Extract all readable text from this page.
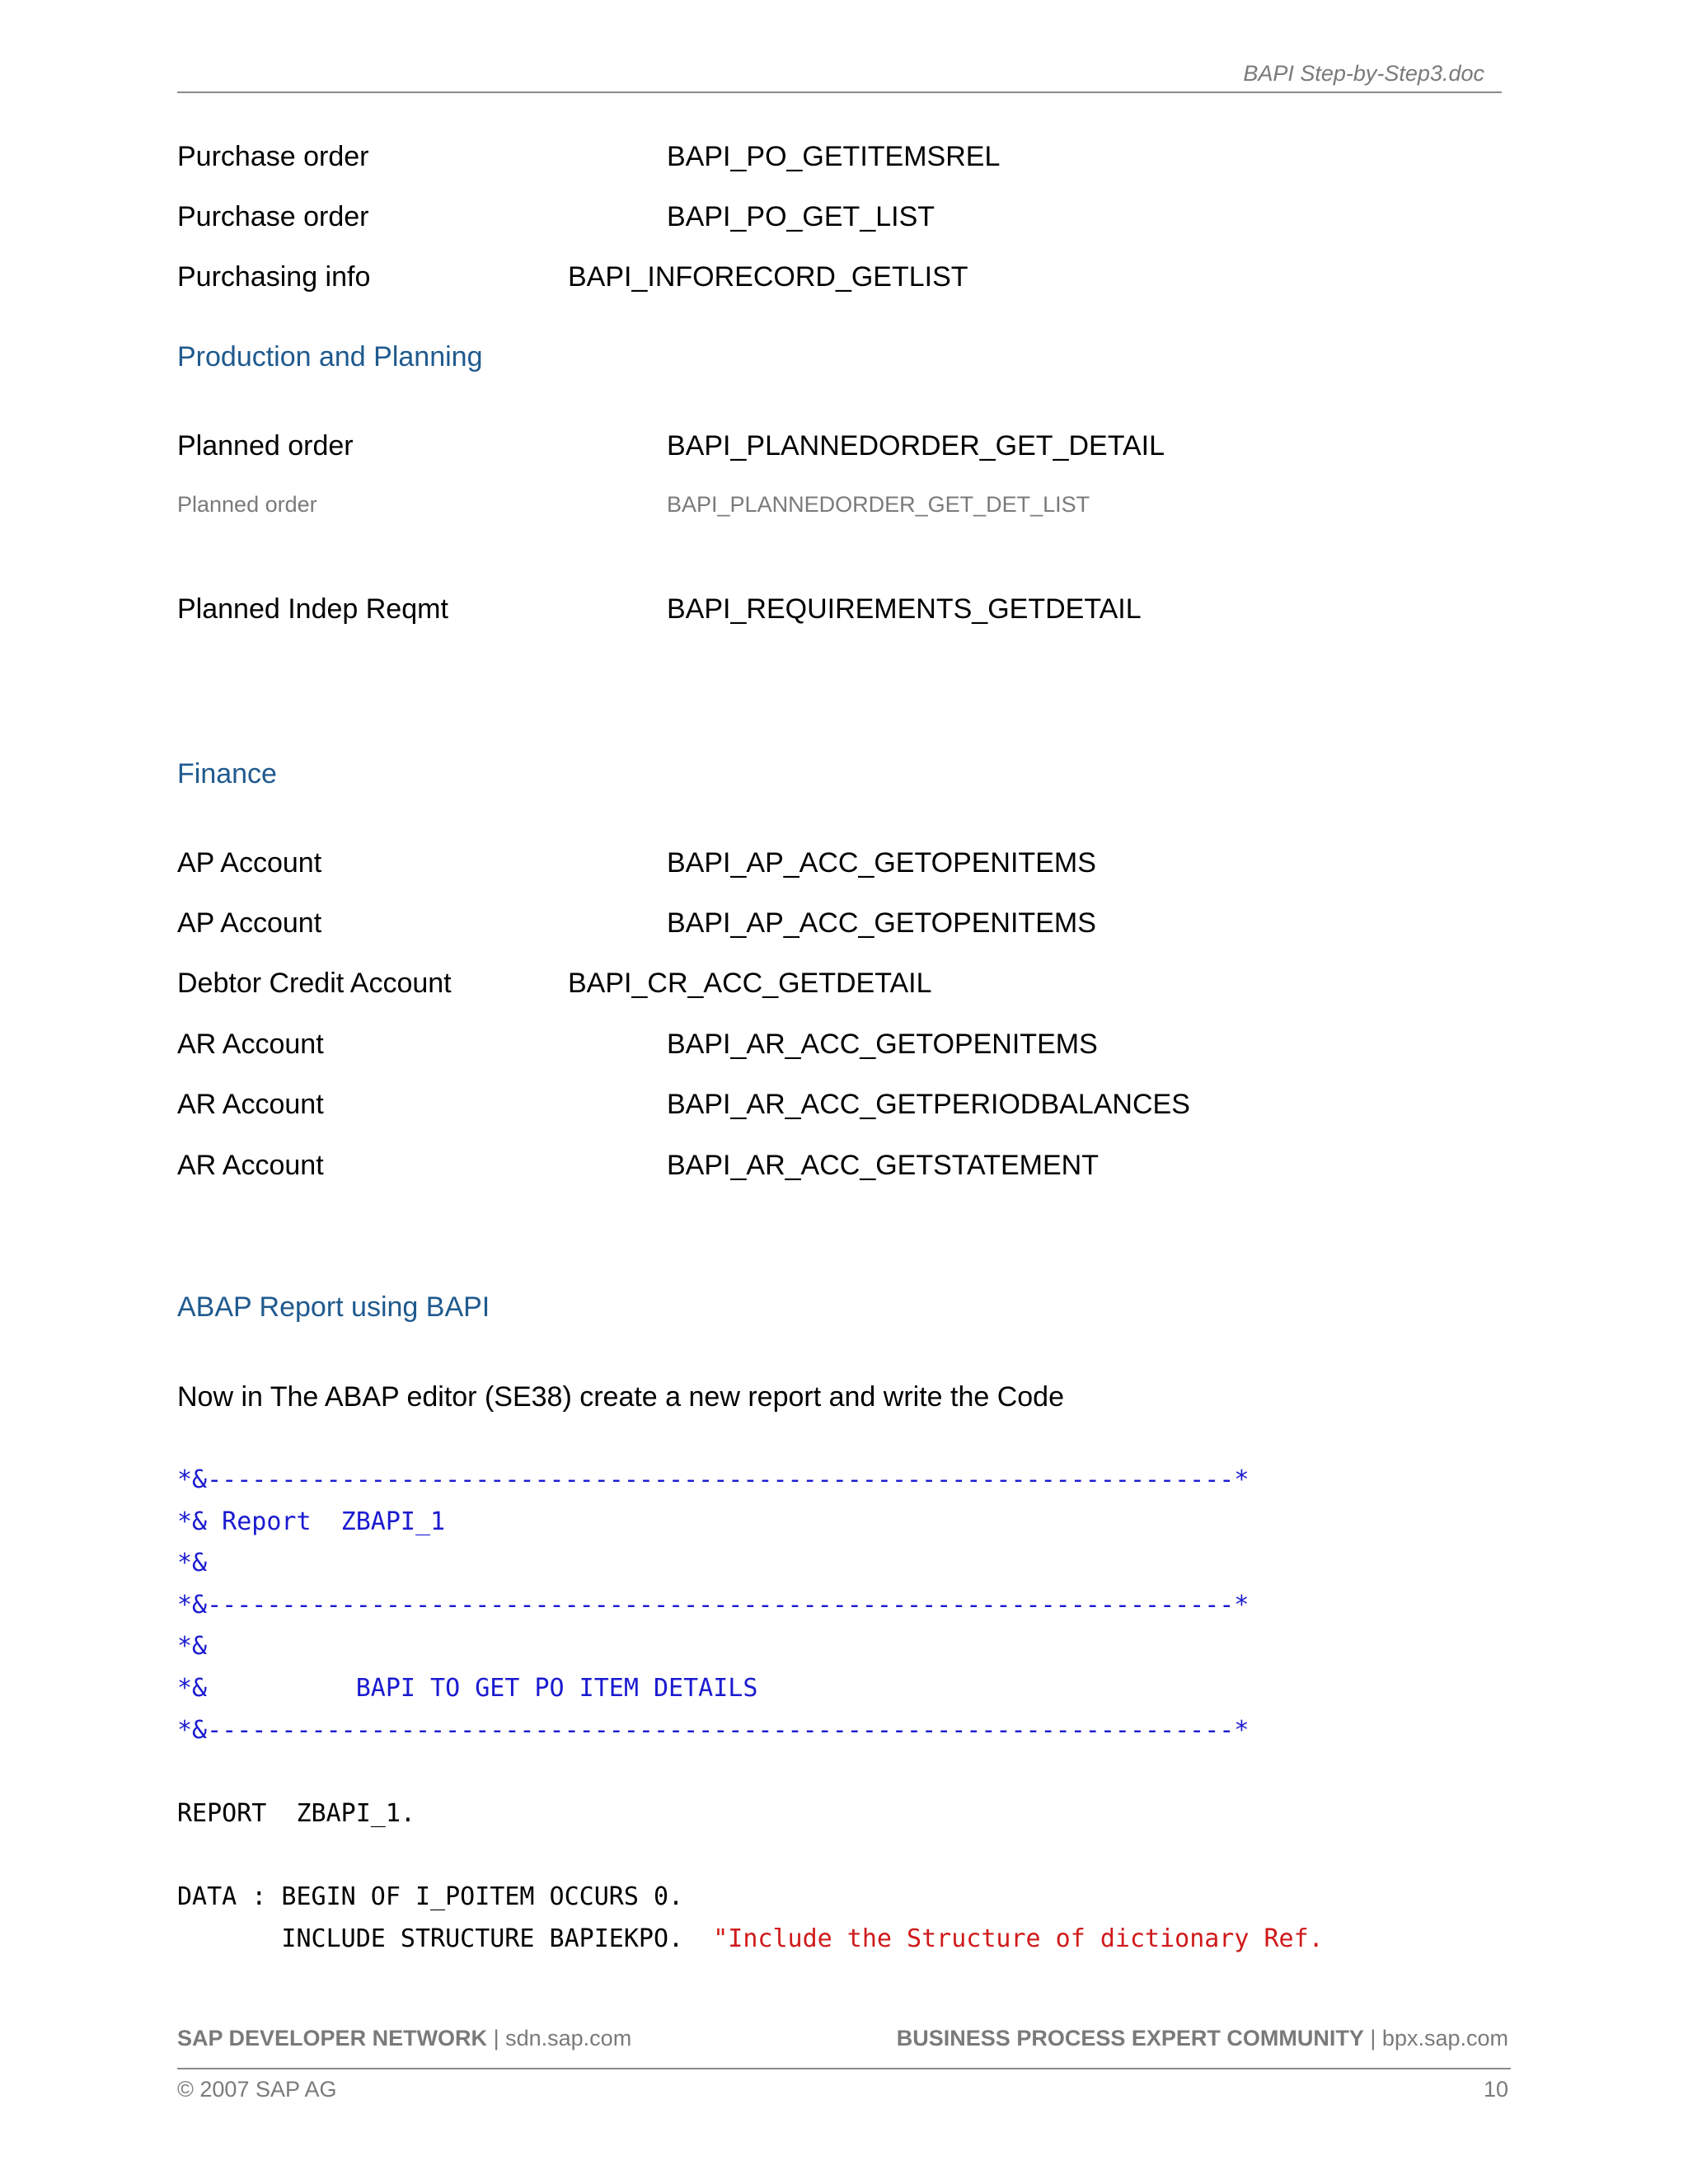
BAPI Step-by-Step3.doc
Purchase order	BAPI_PO_GETITEMSREL
Purchase order	BAPI_PO_GET_LIST
Purchasing info	BAPI_INFORECORD_GETLIST
Production and Planning
Planned order	BAPI_PLANNEDORDER_GET_DETAIL
Planned order	BAPI_PLANNEDORDER_GET_DET_LIST
Planned Indep Reqmt	BAPI_REQUIREMENTS_GETDETAIL
Finance
AP Account	BAPI_AP_ACC_GETOPENITEMS
AP Account	BAPI_AP_ACC_GETOPENITEMS
Debtor Credit Account	BAPI_CR_ACC_GETDETAIL
AR Account	BAPI_AR_ACC_GETOPENITEMS
AR Account	BAPI_AR_ACC_GETPERIODBALANCES
AR Account	BAPI_AR_ACC_GETSTATEMENT
ABAP Report using BAPI
Now in The ABAP editor (SE38) create a new report and write the Code
*&---------------------------------------------------------------------*
*& Report  ZBAPI_1
*&
*&---------------------------------------------------------------------*
*&
*&          BAPI TO GET PO ITEM DETAILS
*&---------------------------------------------------------------------*
REPORT  ZBAPI_1.
DATA : BEGIN OF I_POITEM OCCURS 0.
INCLUDE STRUCTURE BAPIEKPO.  "Include the Structure of dictionary Ref.
SAP DEVELOPER NETWORK | sdn.sap.com	BUSINESS PROCESS EXPERT COMMUNITY | bpx.sap.com
© 2007 SAP AG	10
